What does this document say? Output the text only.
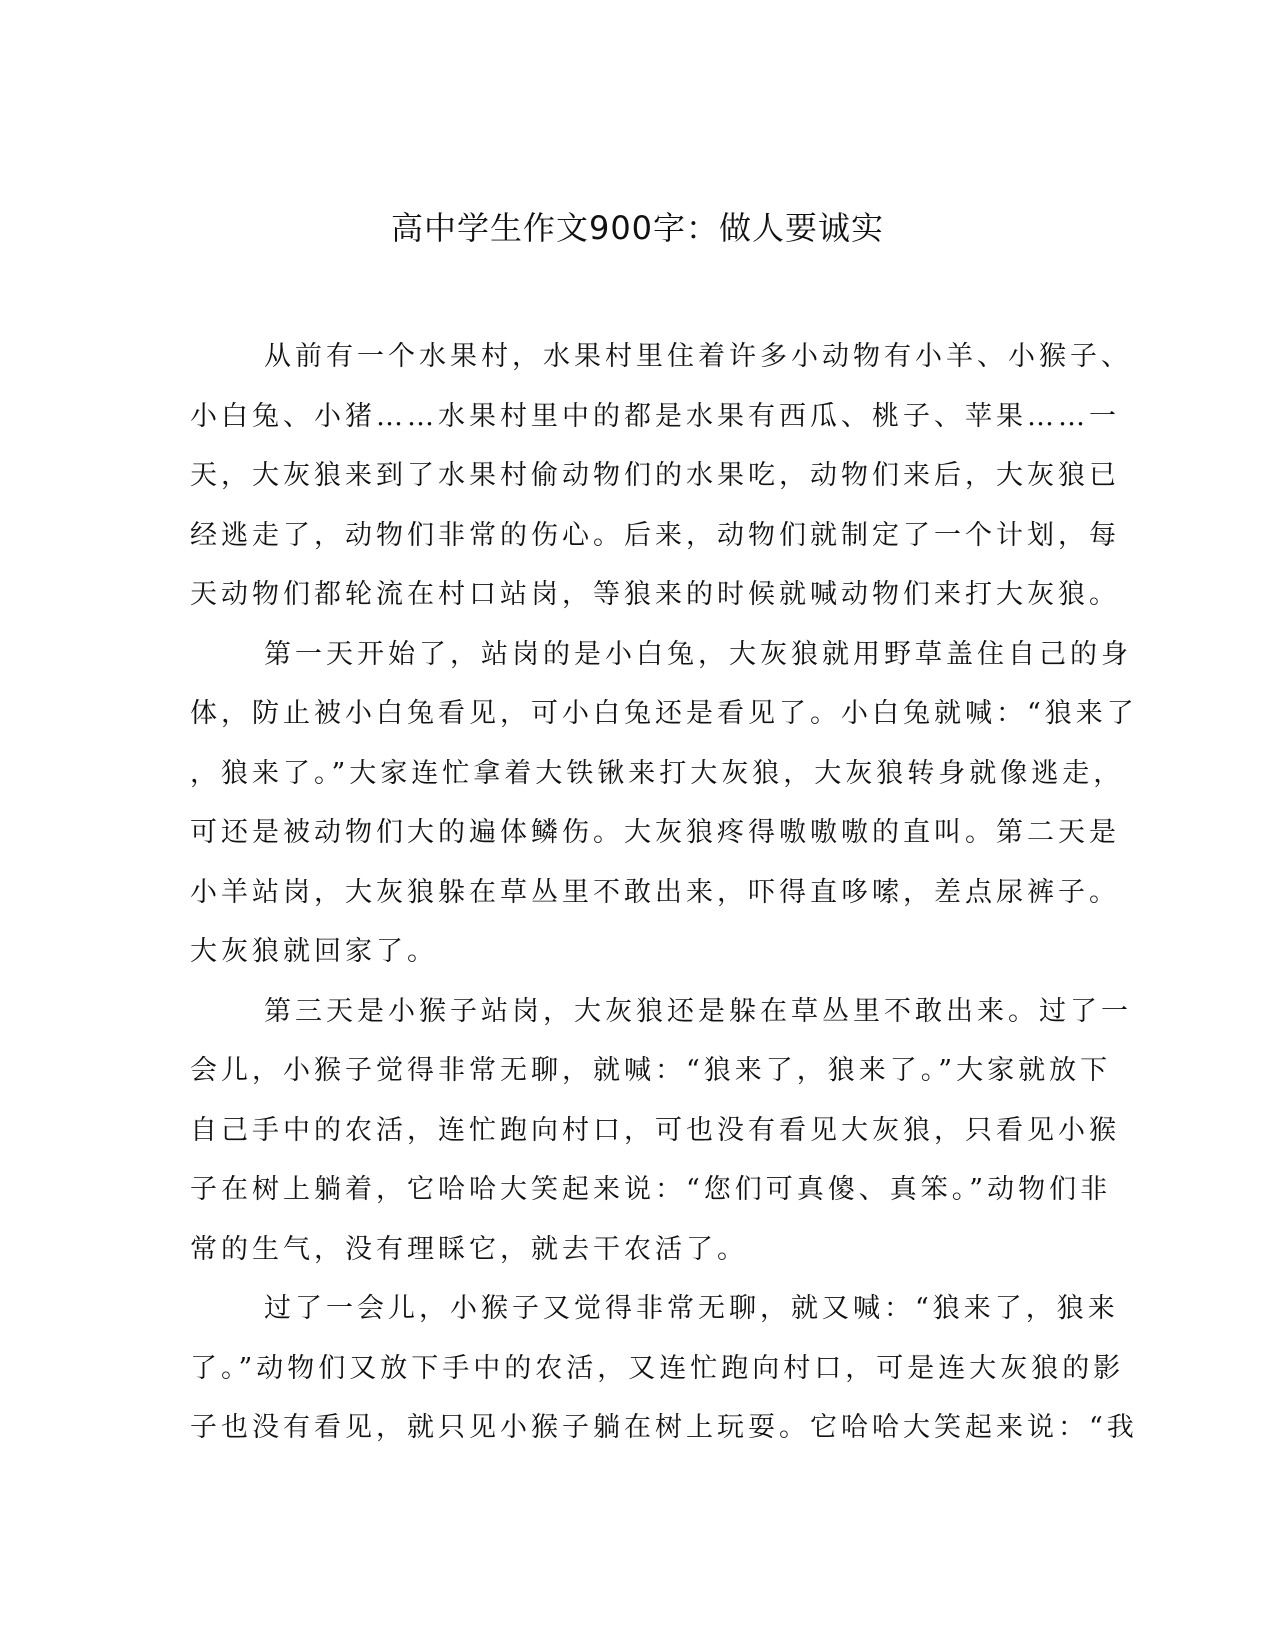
高中学生作文900字：做人要诚实
从前有一个水果村，水果村里住着许多小动物有小羊、小猴子、
小白兔、小猪……水果村里中的都是水果有西瓜、桃子、苹果……一
天，大灰狼来到了水果村偷动物们的水果吃，动物们来后，大灰狼已
经逃走了，动物们非常的伤心。后来，动物们就制定了一个计划，每
天动物们都轮流在村口站岗，等狼来的时候就喊动物们来打大灰狼。
第一天开始了，站岗的是小白兔，大灰狼就用野草盖住自己的身
体，防止被小白兔看见，可小白兔还是看见了。小白兔就喊：“狼来了
，狼来了。”大家连忙拿着大铁锹来打大灰狼，大灰狼转身就像逃走，
可还是被动物们大的遍体鳞伤。大灰狼疼得嗷嗷嗷的直叫。第二天是
小羊站岗，大灰狼躲在草丛里不敢出来，吓得直哆嗦，差点尿裤子。
大灰狼就回家了。
第三天是小猴子站岗，大灰狼还是躲在草丛里不敢出来。过了一
会儿，小猴子觉得非常无聊，就喊：“狼来了，狼来了。”大家就放下
自己手中的农活，连忙跑向村口，可也没有看见大灰狼，只看见小猴
子在树上躺着，它哈哈大笑起来说：“您们可真傻、真笨。”动物们非
常的生气，没有理睬它，就去干农活了。
过了一会儿，小猴子又觉得非常无聊，就又喊：“狼来了，狼来
了。”动物们又放下手中的农活，又连忙跑向村口，可是连大灰狼的影
子也没有看见，就只见小猴子躺在树上玩耍。它哈哈大笑起来说：“我
